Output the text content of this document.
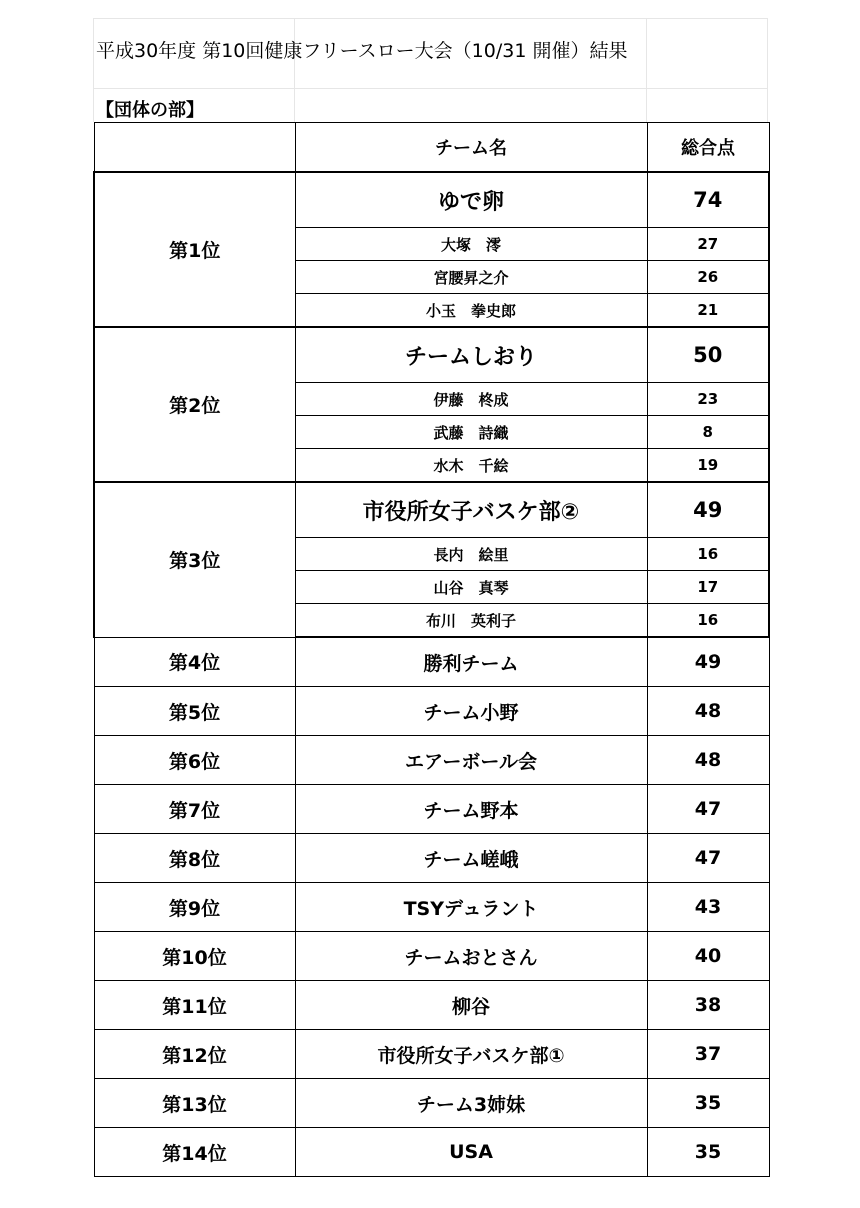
平成30年度 第10回健康フリースロー大会（10/31 開催）結果
【団体の部】
	チーム名	総合点
第1位	ゆで卵	74
	大塚　澪	27
	宮腰昇之介	26
	小玉　拳史郎	21
第2位	チームしおり	50
	伊藤　柊成	23
	武藤　詩織	8
	水木　千絵	19
第3位	市役所女子バスケ部②	49
	長内　絵里	16
	山谷　真琴	17
	布川　英利子	16
第4位	勝利チーム	49
第5位	チーム小野	48
第6位	エアーボール会	48
第7位	チーム野本	47
第8位	チーム嵯峨	47
第9位	TSYデュラント	43
第10位	チームおとさん	40
第11位	柳谷	38
第12位	市役所女子バスケ部①	37
第13位	チーム3姉妹	35
第14位	USA	35
